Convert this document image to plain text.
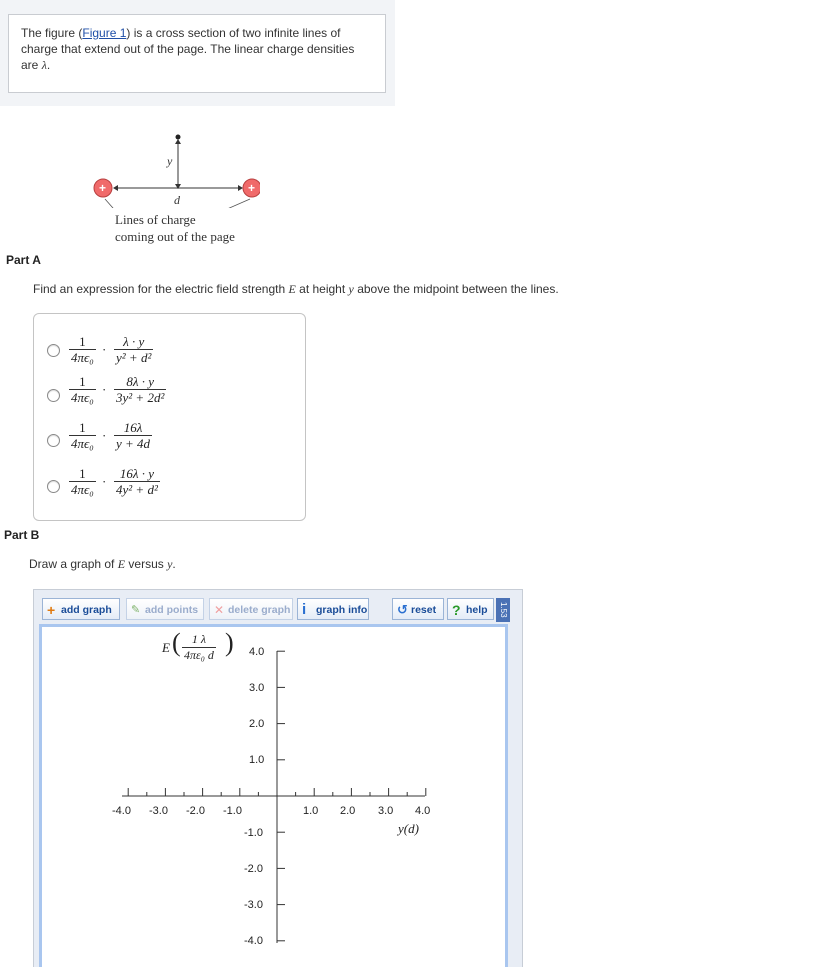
The figure (Figure 1) is a cross section of two infinite lines of charge that extend out of the page. The linear charge densities are λ.
+	+
y
d
Lines of charge
coming out of the page
Part A
Find an expression for the electric field strength E at height y above the midpoint between the lines.
$\frac{1}{\text{4πϵ₀}} \cdot \frac{\lambda \cdot y}{\text{y² + d²}}$
$\frac{1}{\text{4πϵ₀}} \cdot \frac{8\lambda \cdot y}{\text{3y² + 2d²}}$
$\frac{1}{\text{4πϵ₀}} \cdot \frac{16\lambda}{y + 4d}$
$\frac{1}{\text{4πϵ₀}} \cdot \frac{16\lambda \cdot y}{\text{4y² + d²}}$
Part B
Draw a graph of E versus y.
+ add graph	✎ add points	✕ delete graph i graph info ↺ reset	? help	1.53
E ( $\frac{1 \lambda}{\text{4πε₀ d}}$ ) 4.0
3.0
2.0
1.0
-1.0
-2.0
-3.0
-4.0
-4.0 -3.0 -2.0 -1.0	1.0 2.0 3.0 4.0
y(d)
